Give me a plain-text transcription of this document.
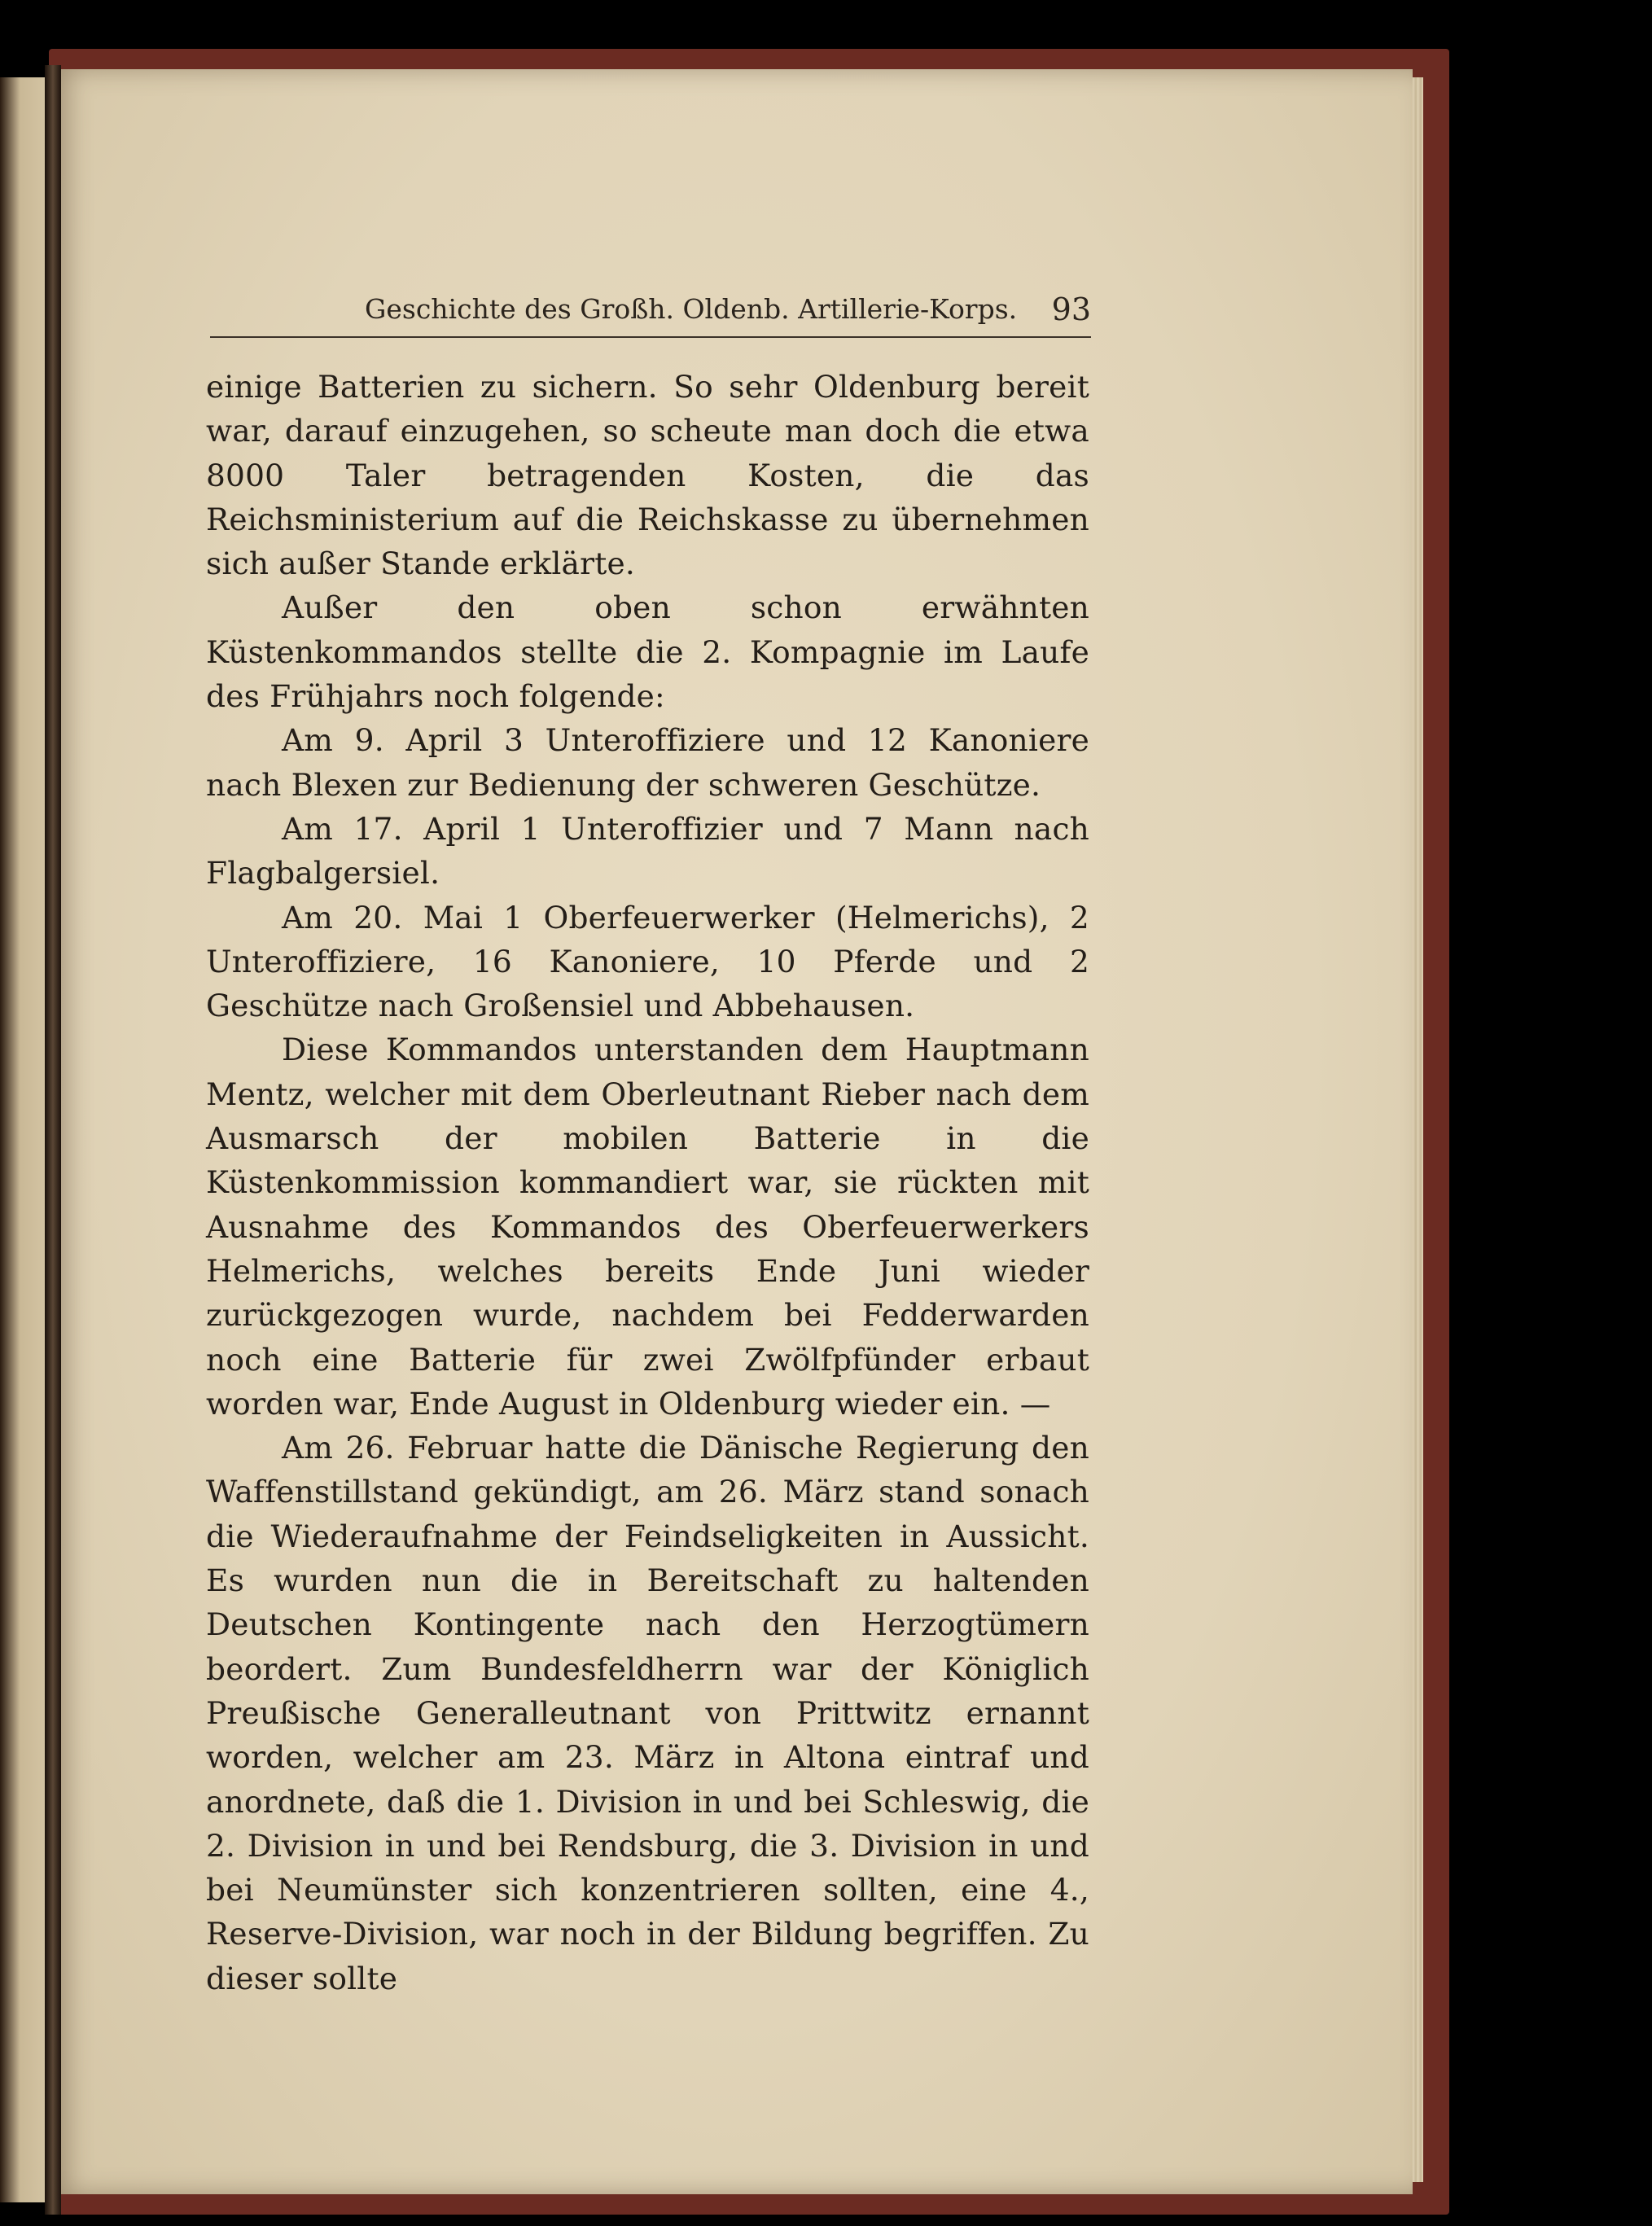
Geschichte des Großh. Oldenb. Artillerie-Korps. 93

einige Batterien zu sichern. So sehr Oldenburg bereit war, darauf einzugehen, so scheute man doch die etwa 8000 Taler betragenden Kosten, die das Reichsministerium auf die Reichskasse zu übernehmen sich außer Stande erklärte.

Außer den oben schon erwähnten Küstenkommandos stellte die 2. Kompagnie im Laufe des Frühjahrs noch folgende:

Am 9. April 3 Unteroffiziere und 12 Kanoniere nach Blexen zur Bedienung der schweren Geschütze.

Am 17. April 1 Unteroffizier und 7 Mann nach Flagbalgersiel.

Am 20. Mai 1 Oberfeuerwerker (Helmerichs), 2 Unteroffiziere, 16 Kanoniere, 10 Pferde und 2 Geschütze nach Großensiel und Abbehausen.

Diese Kommandos unterstanden dem Hauptmann Mentz, welcher mit dem Oberleutnant Rieber nach dem Ausmarsch der mobilen Batterie in die Küstenkommission kommandiert war, sie rückten mit Ausnahme des Kommandos des Oberfeuerwerkers Helmerichs, welches bereits Ende Juni wieder zurückgezogen wurde, nachdem bei Fedderwarden noch eine Batterie für zwei Zwölfpfünder erbaut worden war, Ende August in Oldenburg wieder ein. —

Am 26. Februar hatte die Dänische Regierung den Waffenstillstand gekündigt, am 26. März stand sonach die Wiederaufnahme der Feindseligkeiten in Aussicht. Es wurden nun die in Bereitschaft zu haltenden Deutschen Kontingente nach den Herzogtümern beordert. Zum Bundesfeldherrn war der Königlich Preußische Generalleutnant von Prittwitz ernannt worden, welcher am 23. März in Altona eintraf und anordnete, daß die 1. Division in und bei Schleswig, die 2. Division in und bei Rendsburg, die 3. Division in und bei Neumünster sich konzentrieren sollten, eine 4., Reserve-Division, war noch in der Bildung begriffen. Zu dieser sollte
